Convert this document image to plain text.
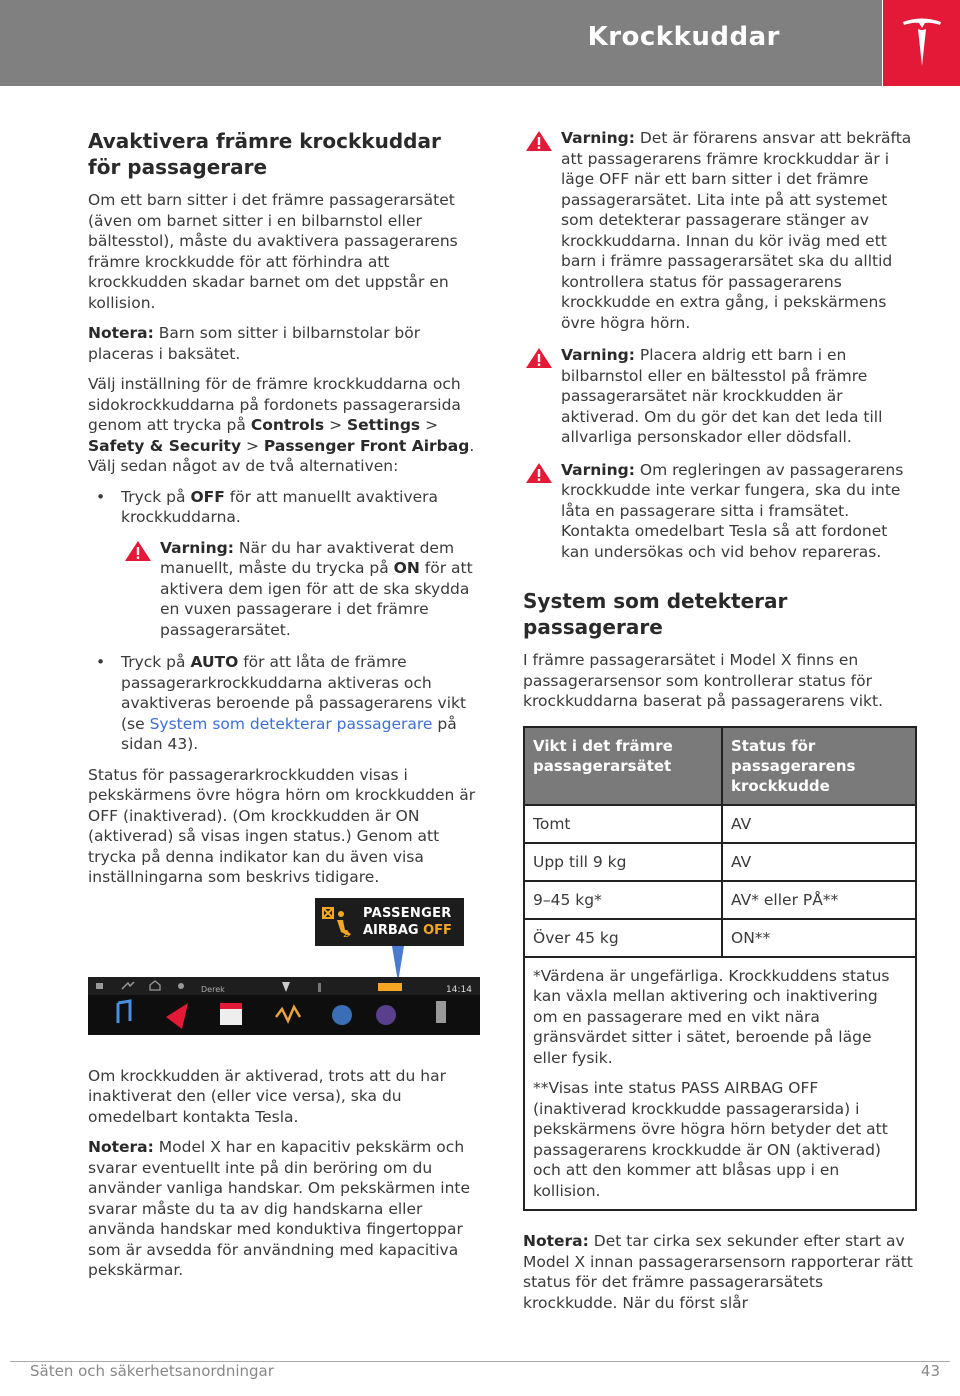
Krockkuddar
Avaktivera främre krockkuddar för passagerare

Om ett barn sitter i det främre passagerarsätet (även om barnet sitter i en bilbarnstol eller bältesstol), måste du avaktivera passagerarens främre krockkudde för att förhindra att krockkudden skadar barnet om det uppstår en kollision.

Notera: Barn som sitter i bilbarnstolar bör placeras i baksätet.

Välj inställning för de främre krockkuddarna och sidokrockkuddarna på fordonets passagerarsida genom att trycka på Controls > Settings > Safety & Security > Passenger Front Airbag. Välj sedan något av de två alternativen:

• Tryck på OFF för att manuellt avaktivera krockkuddarna.
Varning: När du har avaktiverat dem manuellt, måste du trycka på ON för att aktivera dem igen för att de ska skydda en vuxen passagerare i det främre passagerarsätet.
• Tryck på AUTO för att låta de främre passagerarkrockkuddarna aktiveras och avaktiveras beroende på passagerarens vikt (se System som detekterar passagerare på sidan 43).

Status för passagerarkrockkudden visas i pekskärmens övre högra hörn om krockkudden är OFF (inaktiverad). (Om krockkudden är ON (aktiverad) så visas ingen status.) Genom att trycka på denna indikator kan du även visa inställningarna som beskrivs tidigare.

2
PASSENGER
AIRBAG OFF
Derek	14:14

Om krockkudden är aktiverad, trots att du har inaktiverat den (eller vice versa), ska du omedelbart kontakta Tesla.

Notera: Model X har en kapacitiv pekskärm och svarar eventuellt inte på din beröring om du använder vanliga handskar. Om pekskärmen inte svarar måste du ta av dig handskarna eller använda handskar med konduktiva fingertoppar som är avsedda för användning med kapacitiva pekskärmar.

Varning: Det är förarens ansvar att bekräfta att passagerarens främre krockkuddar är i läge OFF när ett barn sitter i det främre passagerarsätet. Lita inte på att systemet som detekterar passagerare stänger av krockkuddarna. Innan du kör iväg med ett barn i främre passagerarsätet ska du alltid kontrollera status för passagerarens krockkudde en extra gång, i pekskärmens övre högra hörn.
Varning: Placera aldrig ett barn i en bilbarnstol eller en bältesstol på främre passagerarsätet när krockkudden är aktiverad. Om du gör det kan det leda till allvarliga personskador eller dödsfall.
Varning: Om regleringen av passagerarens krockkudde inte verkar fungera, ska du inte låta en passagerare sitta i framsätet. Kontakta omedelbart Tesla så att fordonet kan undersökas och vid behov repareras.
System som detekterar passagerare

I främre passagerarsätet i Model X finns en passagerarsensor som kontrollerar status för krockkuddarna baserat på passagerarens vikt.

Vikt i det främre passagerarsätet	Status för passagerarens krockkudde
Tomt	AV
Upp till 9 kg	AV
9–45 kg*	AV* eller PÅ**
Över 45 kg	ON**

*Värdena är ungefärliga. Krockkuddens status kan växla mellan aktivering och inaktivering om en passagerare med en vikt nära gränsvärdet sitter i sätet, beroende på läge eller fysik.

**Visas inte status PASS AIRBAG OFF (inaktiverad krockkudde passagerarsida) i pekskärmens övre högra hörn betyder det att passagerarens krockkudde är ON (aktiverad) och att den kommer att blåsas upp i en kollision.	

Notera: Det tar cirka sex sekunder efter start av Model X innan passagerarsensorn rapporterar rätt status för det främre passagerarsätets krockkudde. När du först slår

Säten och säkerhetsanordningar	43
